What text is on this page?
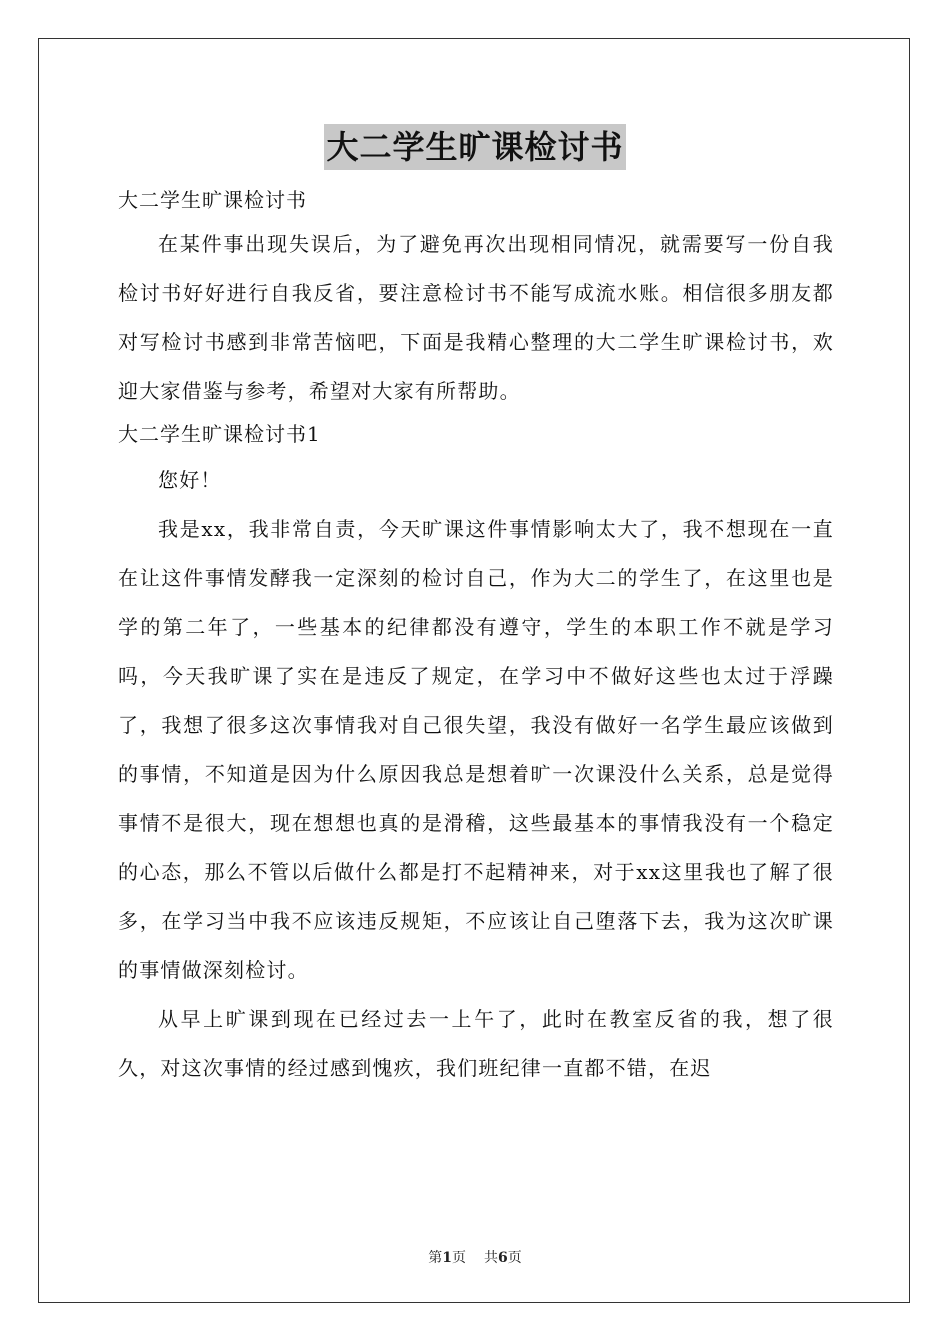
大二学生旷课检讨书

大二学生旷课检讨书

在某件事出现失误后，为了避免再次出现相同情况，就需要写一份自我检讨书好好进行自我反省，要注意检讨书不能写成流水账。相信很多朋友都对写检讨书感到非常苦恼吧，下面是我精心整理的大二学生旷课检讨书，欢迎大家借鉴与参考，希望对大家有所帮助。

大二学生旷课检讨书1

您好！

我是xx，我非常自责，今天旷课这件事情影响太大了，我不想现在一直在让这件事情发酵我一定深刻的检讨自己，作为大二的学生了，在这里也是学的第二年了，一些基本的纪律都没有遵守，学生的本职工作不就是学习吗，今天我旷课了实在是违反了规定，在学习中不做好这些也太过于浮躁了，我想了很多这次事情我对自己很失望，我没有做好一名学生最应该做到的事情，不知道是因为什么原因我总是想着旷一次课没什么关系，总是觉得事情不是很大，现在想想也真的是滑稽，这些最基本的事情我没有一个稳定的心态，那么不管以后做什么都是打不起精神来，对于xx这里我也了解了很多，在学习当中我不应该违反规矩，不应该让自己堕落下去，我为这次旷课的事情做深刻检讨。

从早上旷课到现在已经过去一上午了，此时在教室反省的我，想了很久，对这次事情的经过感到愧疚，我们班纪律一直都不错，在迟

第1页 共6页
